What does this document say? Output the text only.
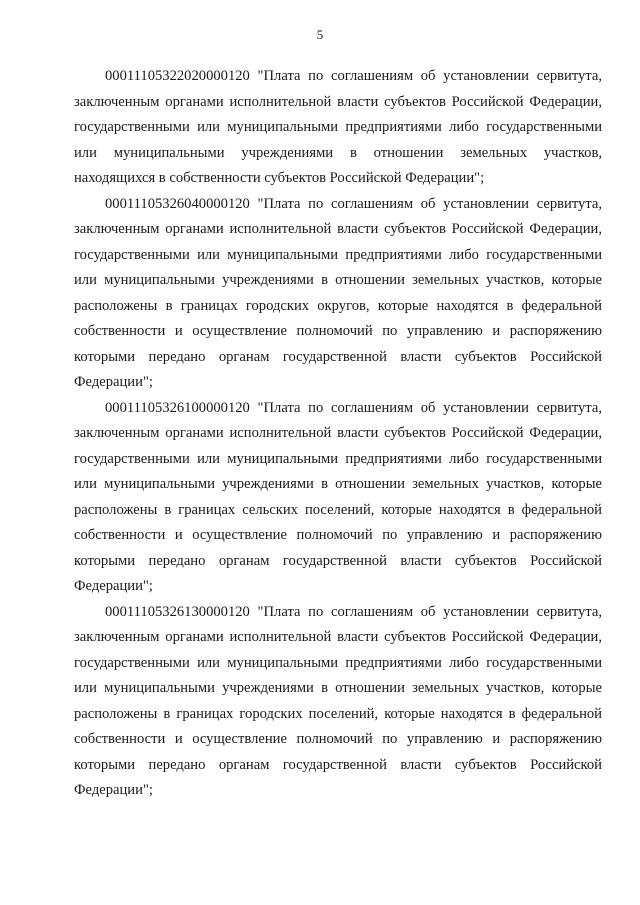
5

00011105322020000120 "Плата по соглашениям об установлении сервитута, заключенным органами исполнительной власти субъектов Российской Федерации, государственными или муниципальными предприятиями либо государственными или муниципальными учреждениями в отношении земельных участков, находящихся в собственности субъектов Российской Федерации";

00011105326040000120 "Плата по соглашениям об установлении сервитута, заключенным органами исполнительной власти субъектов Российской Федерации, государственными или муниципальными предприятиями либо государственными или муниципальными учреждениями в отношении земельных участков, которые расположены в границах городских округов, которые находятся в федеральной собственности и осуществление полномочий по управлению и распоряжению которыми передано органам государственной власти субъектов Российской Федерации";

00011105326100000120 "Плата по соглашениям об установлении сервитута, заключенным органами исполнительной власти субъектов Российской Федерации, государственными или муниципальными предприятиями либо государственными или муниципальными учреждениями в отношении земельных участков, которые расположены в границах сельских поселений, которые находятся в федеральной собственности и осуществление полномочий по управлению и распоряжению которыми передано органам государственной власти субъектов Российской Федерации";

00011105326130000120 "Плата по соглашениям об установлении сервитута, заключенным органами исполнительной власти субъектов Российской Федерации, государственными или муниципальными предприятиями либо государственными или муниципальными учреждениями в отношении земельных участков, которые расположены в границах городских поселений, которые находятся в федеральной собственности и осуществление полномочий по управлению и распоряжению которыми передано органам государственной власти субъектов Российской Федерации";
